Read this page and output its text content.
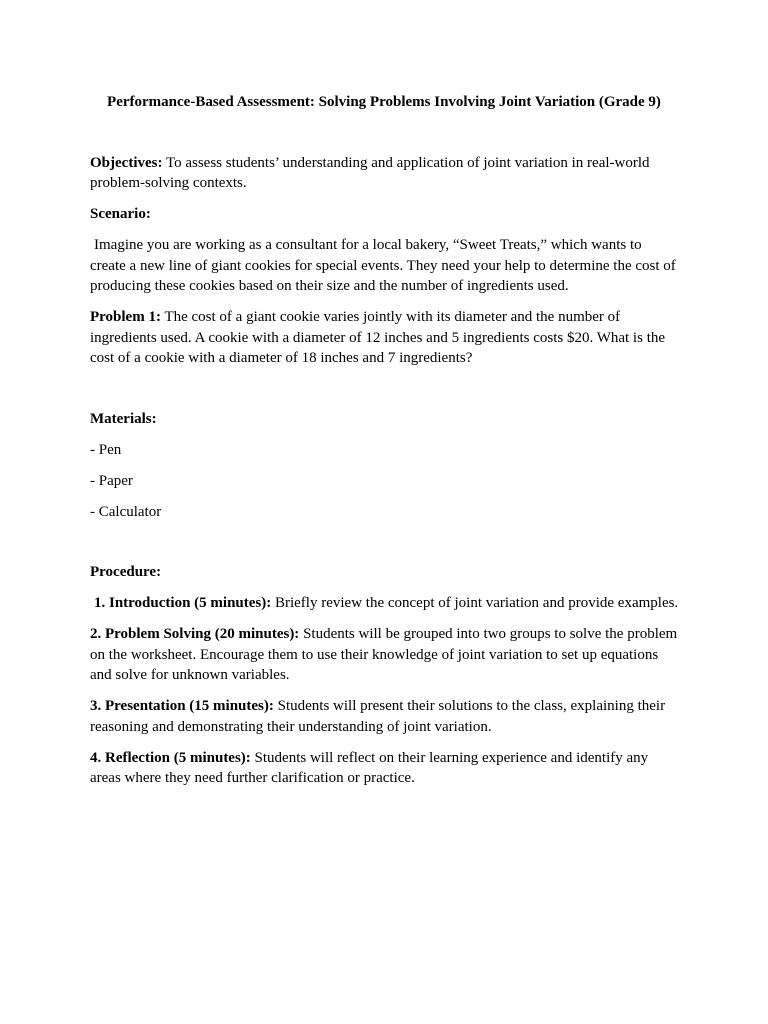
Performance-Based Assessment: Solving Problems Involving Joint Variation (Grade 9)

Objectives: To assess students’ understanding and application of joint variation in real-world problem-solving contexts.

Scenario:

Imagine you are working as a consultant for a local bakery, “Sweet Treats,” which wants to create a new line of giant cookies for special events. They need your help to determine the cost of producing these cookies based on their size and the number of ingredients used.

Problem 1: The cost of a giant cookie varies jointly with its diameter and the number of ingredients used. A cookie with a diameter of 12 inches and 5 ingredients costs $20. What is the cost of a cookie with a diameter of 18 inches and 7 ingredients?

Materials:

- Pen

- Paper

- Calculator

Procedure:

1. Introduction (5 minutes): Briefly review the concept of joint variation and provide examples.

2. Problem Solving (20 minutes): Students will be grouped into two groups to solve the problem on the worksheet. Encourage them to use their knowledge of joint variation to set up equations and solve for unknown variables.

3. Presentation (15 minutes): Students will present their solutions to the class, explaining their reasoning and demonstrating their understanding of joint variation.

4. Reflection (5 minutes): Students will reflect on their learning experience and identify any areas where they need further clarification or practice.
